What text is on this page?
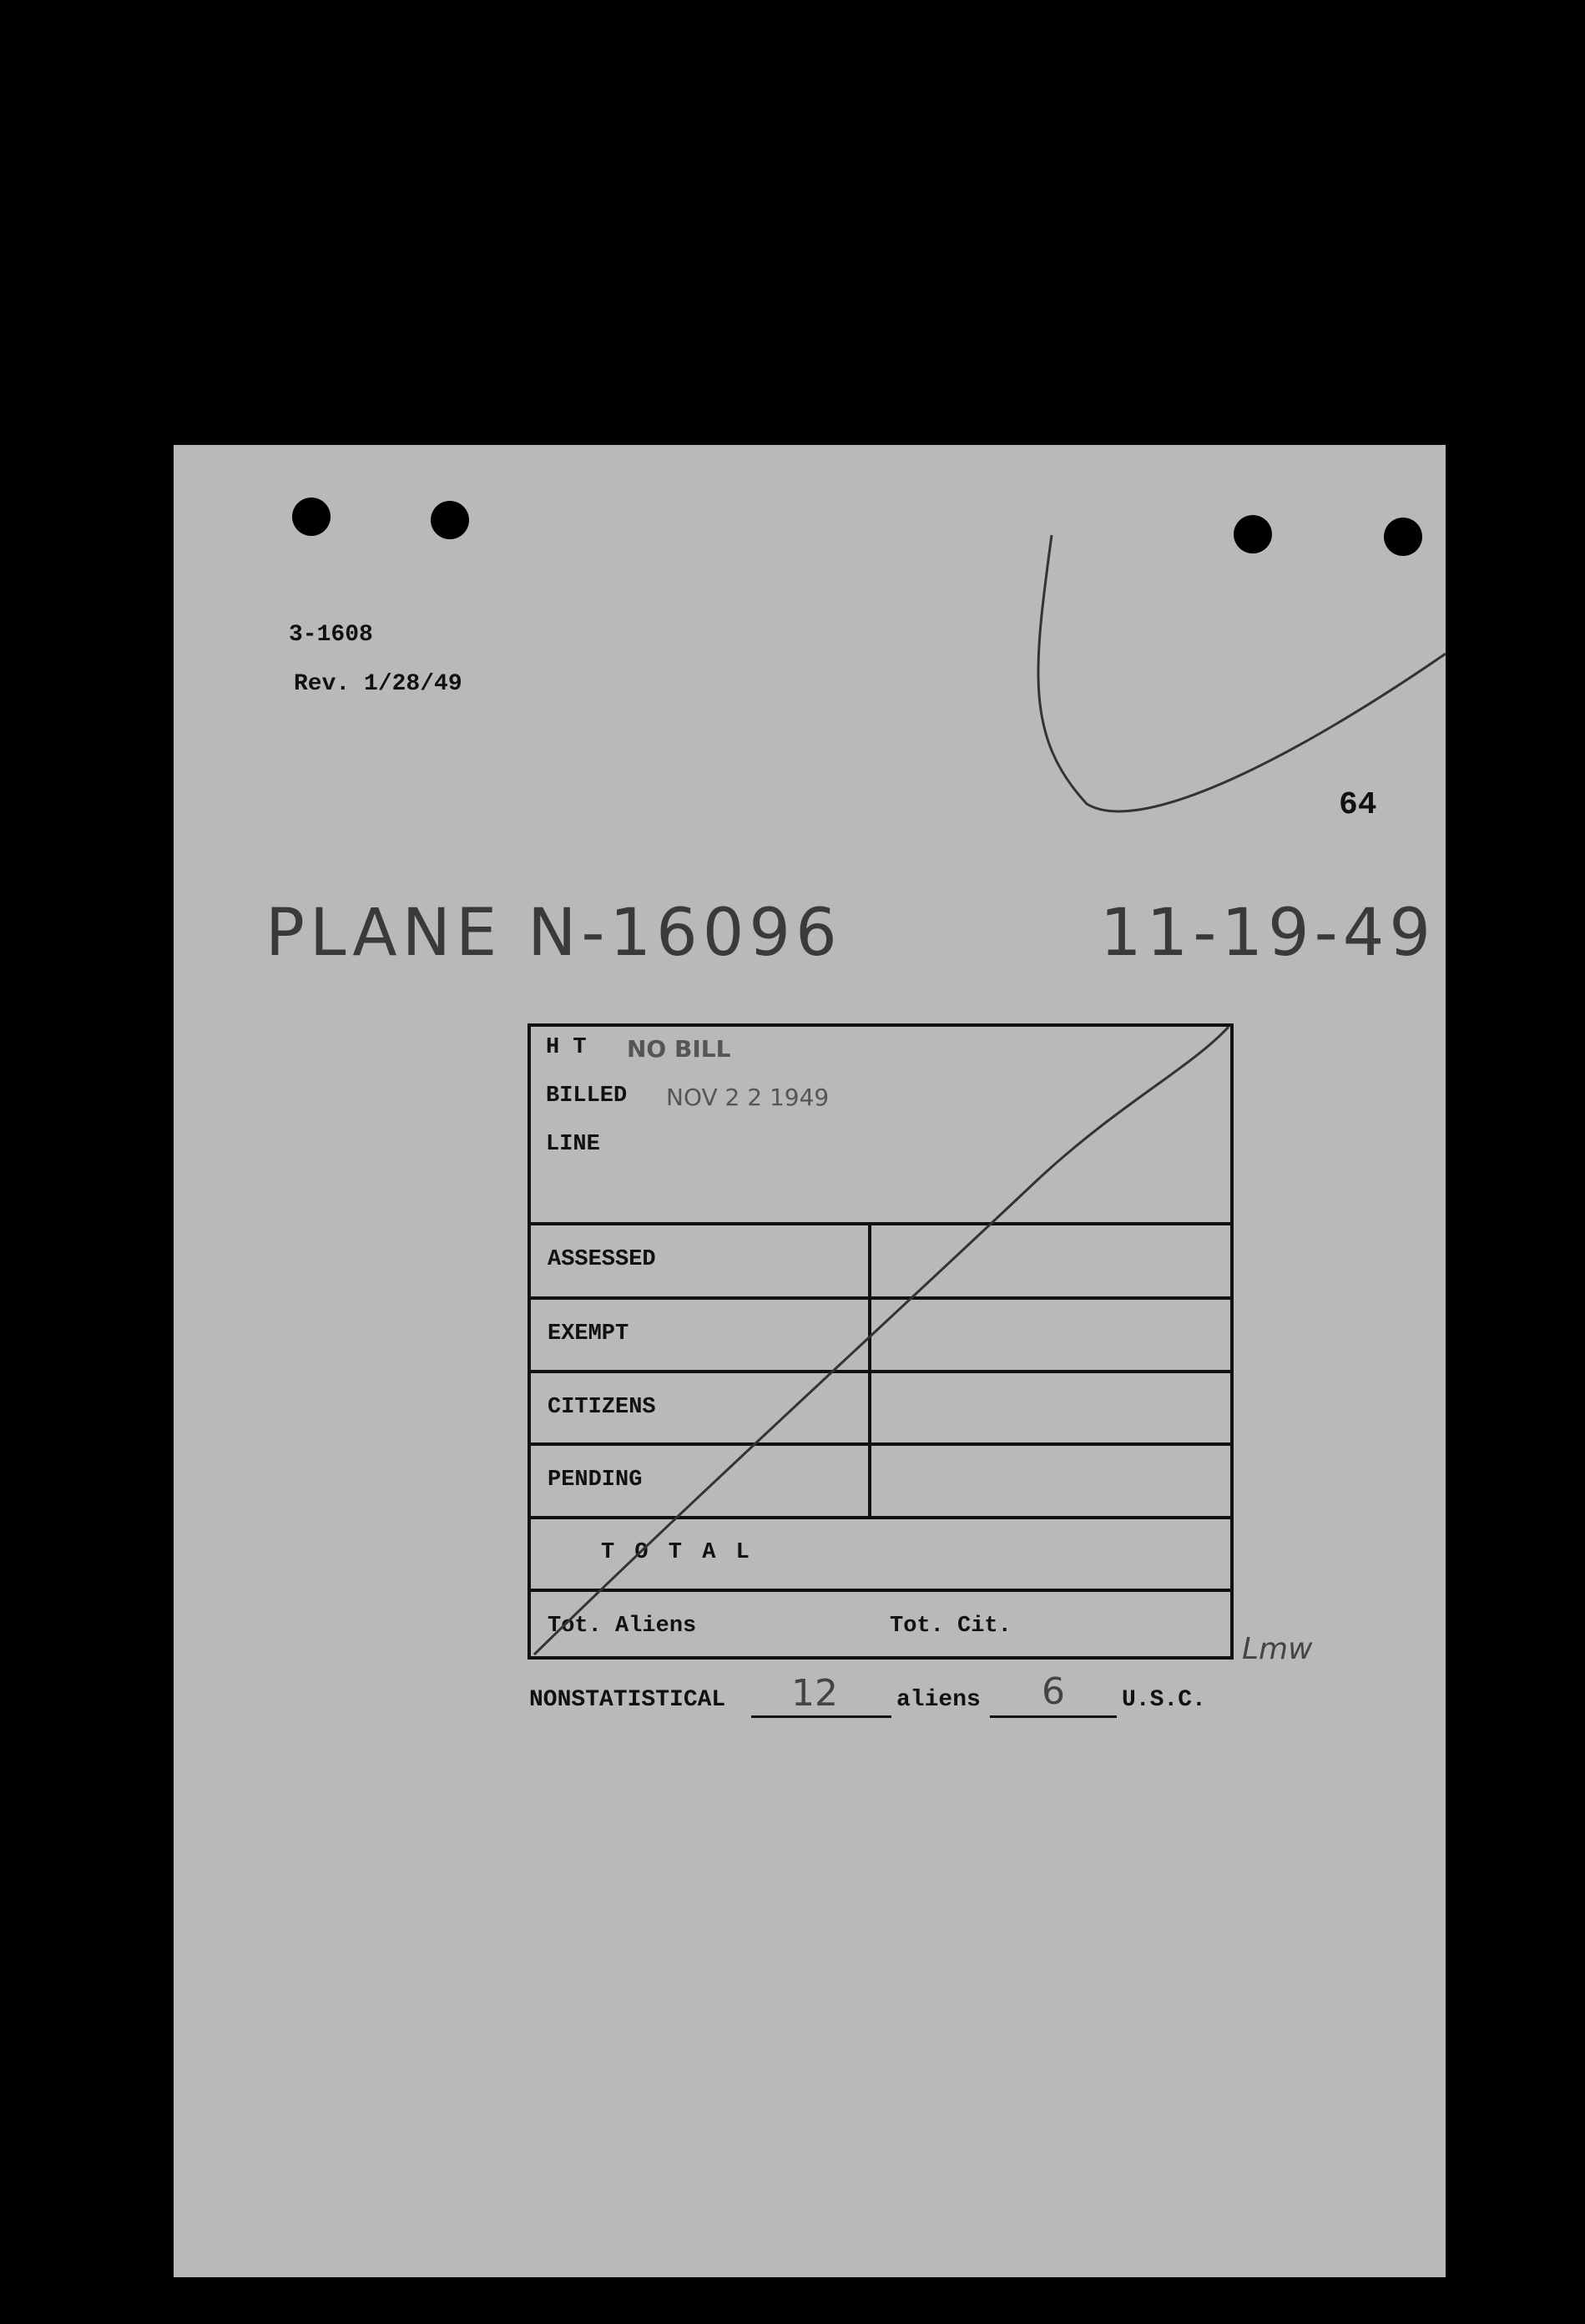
3-1608
Rev. 1/28/49
64
PLANE N-16096	11-19-49
H T NO BILL
BILLED NOV 2 2 1949
LINE
ASSESSED
EXEMPT
CITIZENS
PENDING
T O T A L
Tot. Aliens	Tot. Cit.
Lmw
NONSTATISTICAL 12	aliens 6 U.S.C.
